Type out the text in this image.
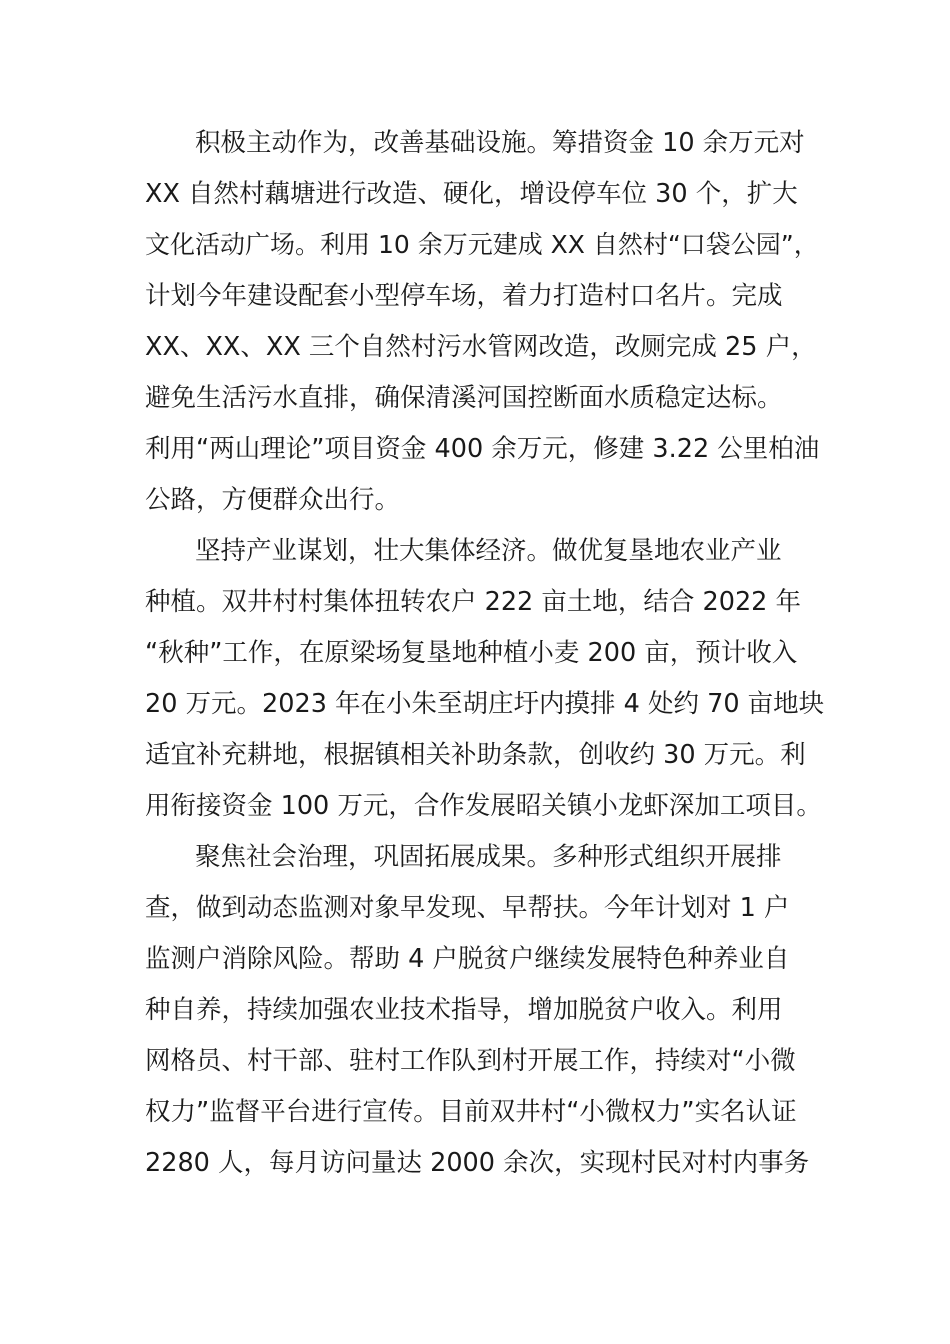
积极主动作为，改善基础设施。筹措资金 10 余万元对
XX 自然村藕塘进行改造、硬化，增设停车位 30 个，扩大
文化活动广场。利用 10 余万元建成 XX 自然村“口袋公园”，
计划今年建设配套小型停车场，着力打造村口名片。完成
XX、XX、XX 三个自然村污水管网改造，改厕完成 25 户，
避免生活污水直排，确保清溪河国控断面水质稳定达标。
利用“两山理论”项目资金 400 余万元，修建 3.22 公里柏油
公路，方便群众出行。
坚持产业谋划，壮大集体经济。做优复垦地农业产业
种植。双井村村集体扭转农户 222 亩土地，结合 2022 年
“秋种”工作，在原梁场复垦地种植小麦 200 亩，预计收入
20 万元。2023 年在小朱至胡庄圩内摸排 4 处约 70 亩地块
适宜补充耕地，根据镇相关补助条款，创收约 30 万元。利
用衔接资金 100 万元，合作发展昭关镇小龙虾深加工项目。
聚焦社会治理，巩固拓展成果。多种形式组织开展排
查，做到动态监测对象早发现、早帮扶。今年计划对 1 户
监测户消除风险。帮助 4 户脱贫户继续发展特色种养业自
种自养，持续加强农业技术指导，增加脱贫户收入。利用
网格员、村干部、驻村工作队到村开展工作，持续对“小微
权力”监督平台进行宣传。目前双井村“小微权力”实名认证
2280 人，每月访问量达 2000 余次，实现村民对村内事务
